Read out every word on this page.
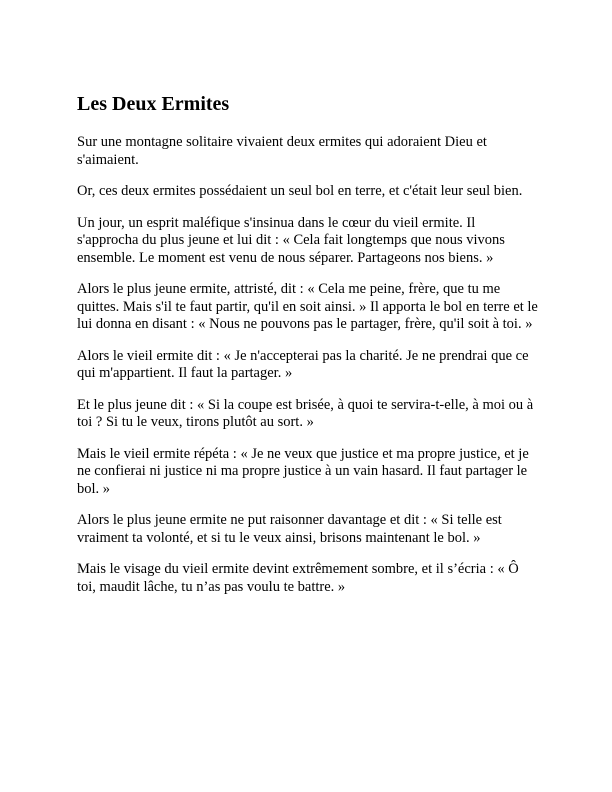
Les Deux Ermites

Sur une montagne solitaire vivaient deux ermites qui adoraient Dieu et s'aimaient.

Or, ces deux ermites possédaient un seul bol en terre, et c'était leur seul bien.

Un jour, un esprit maléfique s'insinua dans le cœur du vieil ermite. Il s'approcha du plus jeune et lui dit : « Cela fait longtemps que nous vivons ensemble. Le moment est venu de nous séparer. Partageons nos biens. »

Alors le plus jeune ermite, attristé, dit : « Cela me peine, frère, que tu me quittes. Mais s'il te faut partir, qu'il en soit ainsi. » Il apporta le bol en terre et le lui donna en disant : « Nous ne pouvons pas le partager, frère, qu'il soit à toi. »

Alors le vieil ermite dit : « Je n'accepterai pas la charité. Je ne prendrai que ce qui m'appartient. Il faut la partager. »

Et le plus jeune dit : « Si la coupe est brisée, à quoi te servira-t-elle, à moi ou à toi ? Si tu le veux, tirons plutôt au sort. »

Mais le vieil ermite répéta : « Je ne veux que justice et ma propre justice, et je ne confierai ni justice ni ma propre justice à un vain hasard. Il faut partager le bol. »

Alors le plus jeune ermite ne put raisonner davantage et dit : « Si telle est vraiment ta volonté, et si tu le veux ainsi, brisons maintenant le bol. »

Mais le visage du vieil ermite devint extrêmement sombre, et il s’écria : « Ô toi, maudit lâche, tu n’as pas voulu te battre. »
